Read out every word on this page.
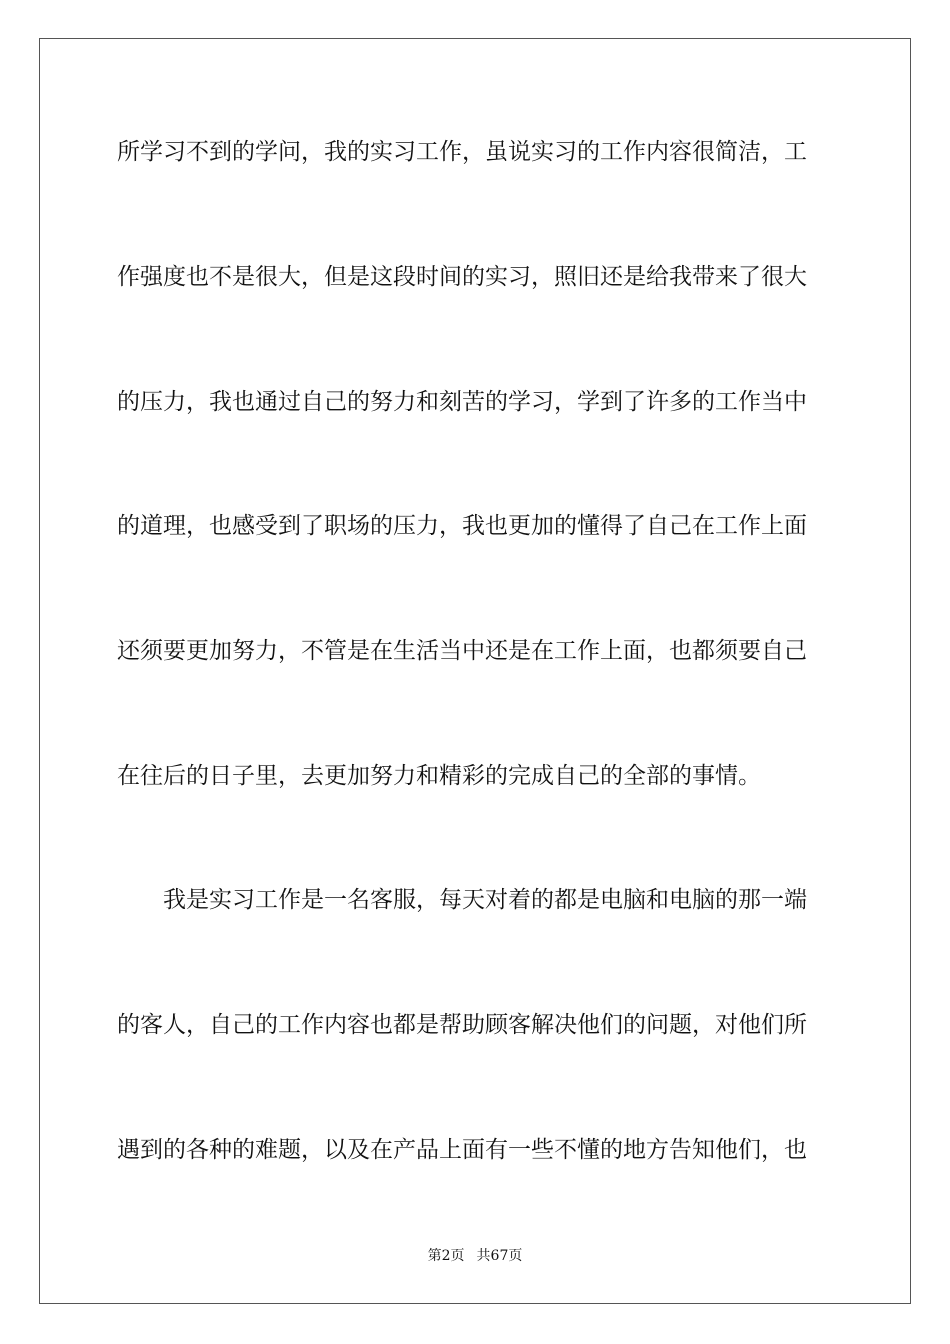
所学习不到的学问，我的实习工作，虽说实习的工作内容很简洁，工
作强度也不是很大，但是这段时间的实习，照旧还是给我带来了很大
的压力，我也通过自己的努力和刻苦的学习，学到了许多的工作当中
的道理，也感受到了职场的压力，我也更加的懂得了自己在工作上面
还须要更加努力，不管是在生活当中还是在工作上面，也都须要自己
在往后的日子里，去更加努力和精彩的完成自己的全部的事情。
　　我是实习工作是一名客服，每天对着的都是电脑和电脑的那一端
的客人，自己的工作内容也都是帮助顾客解决他们的问题，对他们所
遇到的各种的难题，以及在产品上面有一些不懂的地方告知他们，也
第2页 共67页
